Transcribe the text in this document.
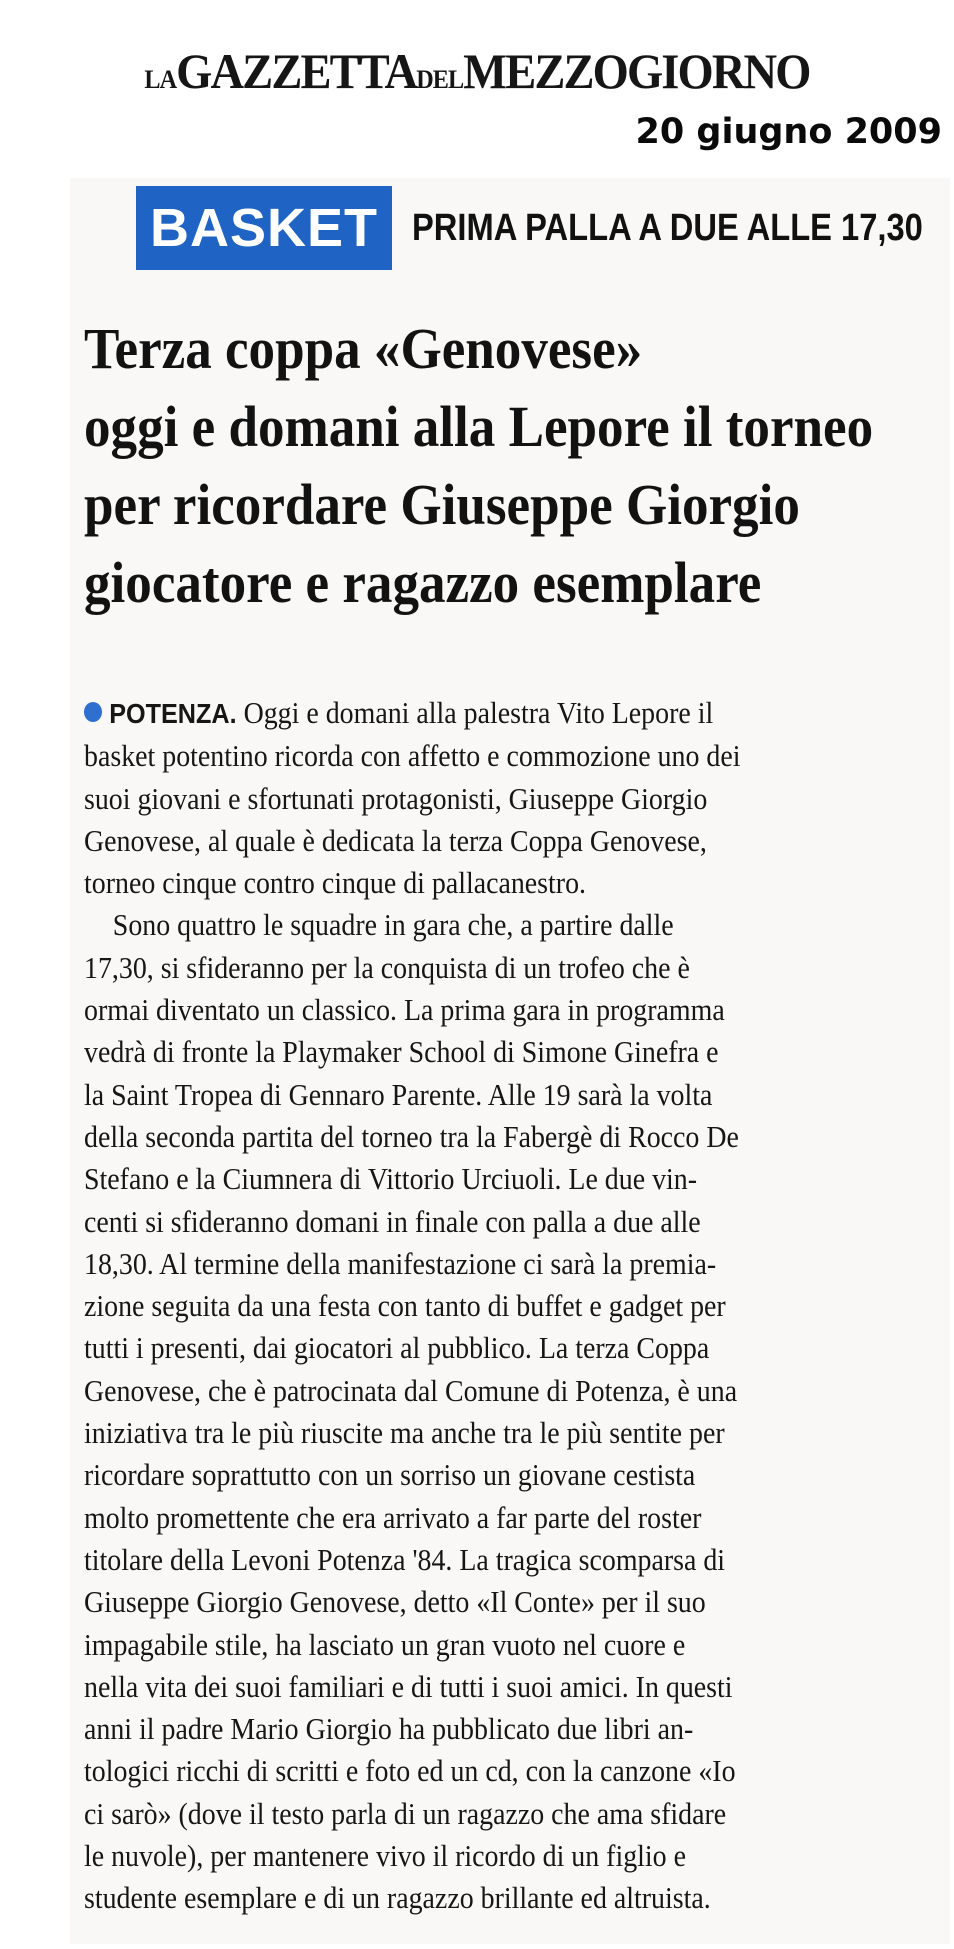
LAGAZZETTADELMEZZOGIORNO
20 giugno 2009
BASKET PRIMA PALLA A DUE ALLE 17,30
Terza coppa «Genovese»
oggi e domani alla Lepore il torneo
per ricordare Giuseppe Giorgio
giocatore e ragazzo esemplare
POTENZA. Oggi e domani alla palestra Vito Lepore il
basket potentino ricorda con affetto e commozione uno dei
suoi giovani e sfortunati protagonisti, Giuseppe Giorgio
Genovese, al quale è dedicata la terza Coppa Genovese,
torneo cinque contro cinque di pallacanestro.
Sono quattro le squadre in gara che, a partire dalle
17,30, si sfideranno per la conquista di un trofeo che è
ormai diventato un classico. La prima gara in programma
vedrà di fronte la Playmaker School di Simone Ginefra e
la Saint Tropea di Gennaro Parente. Alle 19 sarà la volta
della seconda partita del torneo tra la Fabergè di Rocco De
Stefano e la Ciumnera di Vittorio Urciuoli. Le due vin-
centi si sfideranno domani in finale con palla a due alle
18,30. Al termine della manifestazione ci sarà la premia-
zione seguita da una festa con tanto di buffet e gadget per
tutti i presenti, dai giocatori al pubblico. La terza Coppa
Genovese, che è patrocinata dal Comune di Potenza, è una
iniziativa tra le più riuscite ma anche tra le più sentite per
ricordare soprattutto con un sorriso un giovane cestista
molto promettente che era arrivato a far parte del roster
titolare della Levoni Potenza '84. La tragica scomparsa di
Giuseppe Giorgio Genovese, detto «Il Conte» per il suo
impagabile stile, ha lasciato un gran vuoto nel cuore e
nella vita dei suoi familiari e di tutti i suoi amici. In questi
anni il padre Mario Giorgio ha pubblicato due libri an-
tologici ricchi di scritti e foto ed un cd, con la canzone «Io
ci sarò» (dove il testo parla di un ragazzo che ama sfidare
le nuvole), per mantenere vivo il ricordo di un figlio e
studente esemplare e di un ragazzo brillante ed altruista.
